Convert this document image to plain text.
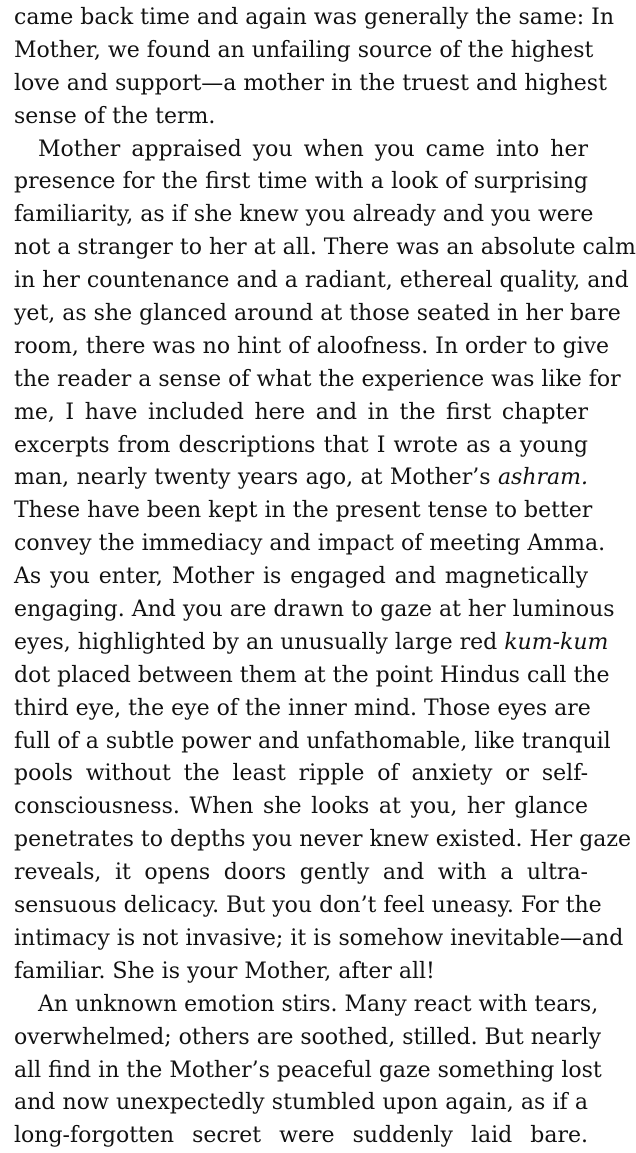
came back time and again was generally the same: In
Mother, we found an unfailing source of the highest
love and support—a mother in the truest and highest
sense of the term.
Mother appraised you when you came into her
presence for the first time with a look of surprising
familiarity, as if she knew you already and you were
not a stranger to her at all. There was an absolute calm
in her countenance and a radiant, ethereal quality, and
yet, as she glanced around at those seated in her bare
room, there was no hint of aloofness. In order to give
the reader a sense of what the experience was like for
me, I have included here and in the first chapter
excerpts from descriptions that I wrote as a young
man, nearly twenty years ago, at Mother’s ashram.
These have been kept in the present tense to better
convey the immediacy and impact of meeting Amma.
As you enter, Mother is engaged and magnetically
engaging. And you are drawn to gaze at her luminous
eyes, highlighted by an unusually large red kum-kum
dot placed between them at the point Hindus call the
third eye, the eye of the inner mind. Those eyes are
full of a subtle power and unfathomable, like tranquil
pools without the least ripple of anxiety or self-
consciousness. When she looks at you, her glance
penetrates to depths you never knew existed. Her gaze
reveals, it opens doors gently and with a ultra-
sensuous delicacy. But you don’t feel uneasy. For the
intimacy is not invasive; it is somehow inevitable—and
familiar. She is your Mother, after all!
An unknown emotion stirs. Many react with tears,
overwhelmed; others are soothed, stilled. But nearly
all find in the Mother’s peaceful gaze something lost
and now unexpectedly stumbled upon again, as if a
long-forgotten secret were suddenly laid bare.
